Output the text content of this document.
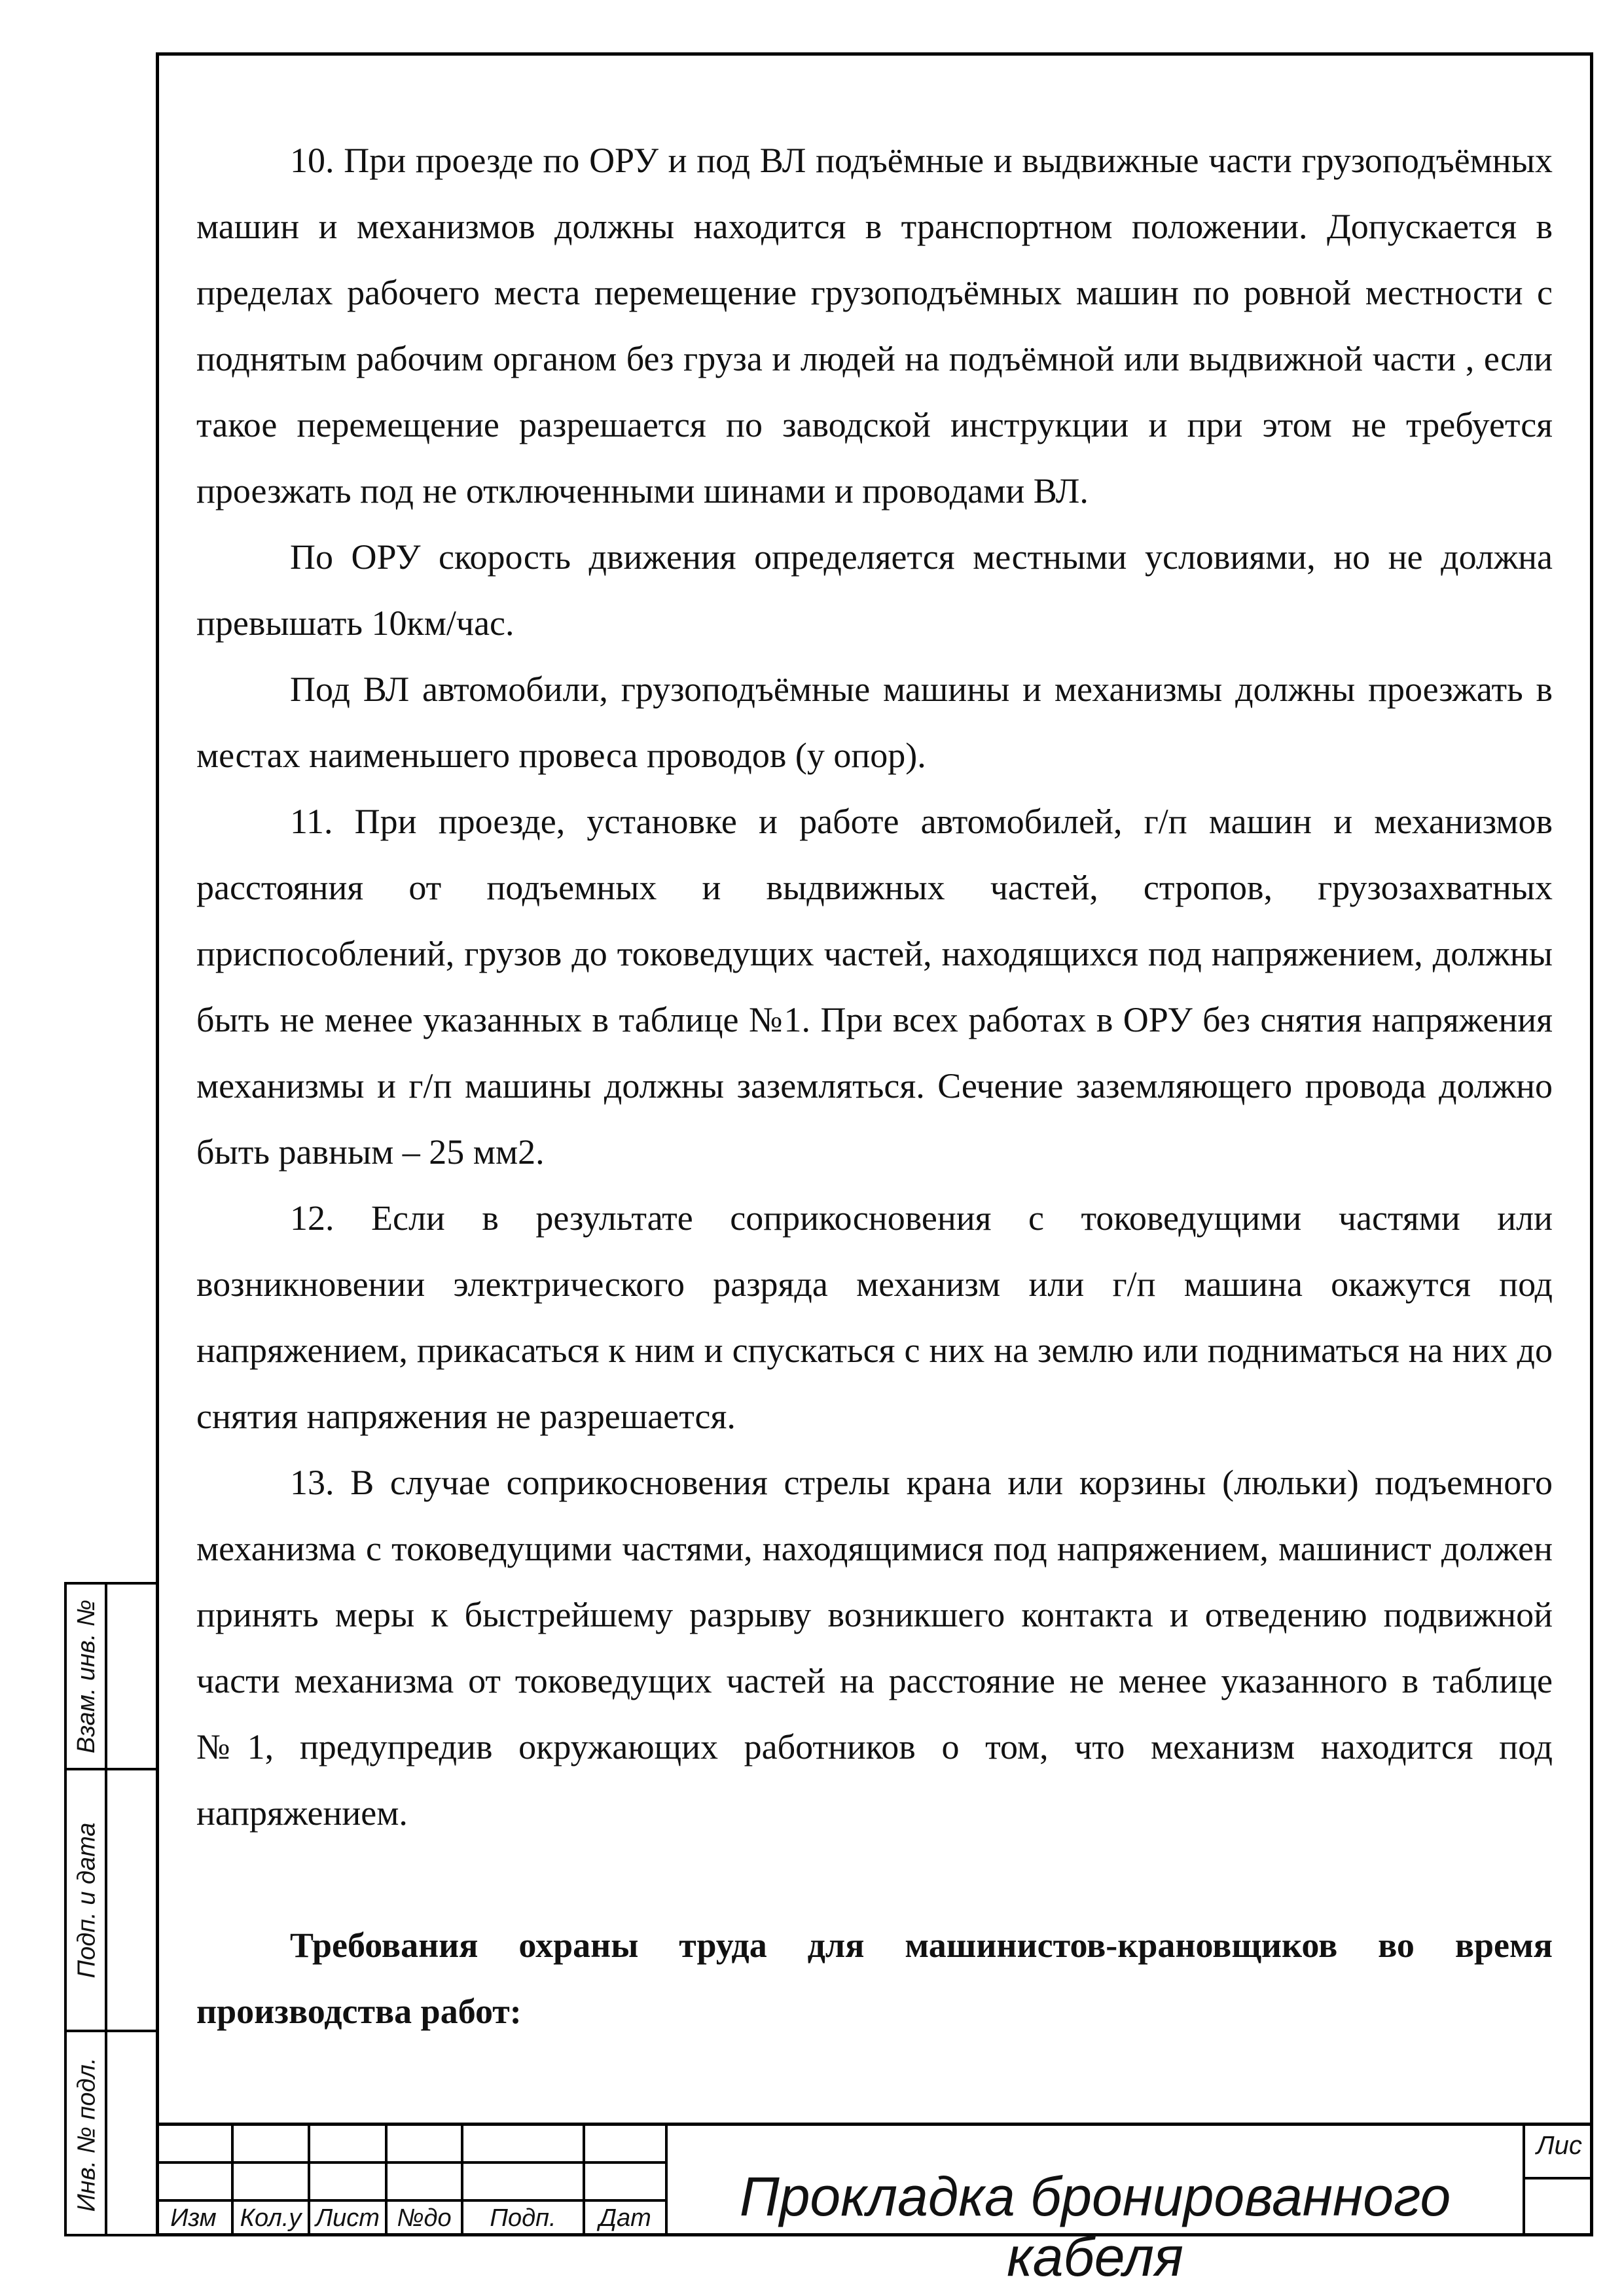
10. При проезде по ОРУ и под ВЛ подъёмные и выдвижные части грузоподъёмных машин и механизмов должны находится в транспортном положении. Допускается в пределах рабочего места перемещение грузоподъёмных машин по ровной местности с поднятым рабочим органом без груза и людей на подъёмной или выдвижной части , если такое перемещение разрешается по заводской инструкции и при этом не требуется проезжать под не отключенными шинами и проводами ВЛ.

По ОРУ скорость движения определяется местными условиями, но не должна превышать 10км/час.

Под ВЛ автомобили, грузоподъёмные машины и механизмы должны проезжать в местах наименьшего провеса проводов (у опор).

11. При проезде, установке и работе автомобилей, г/п машин и механизмов расстояния от подъемных и выдвижных частей, стропов, грузозахватных приспособлений, грузов до токоведущих частей, находящихся под напряжением, должны быть не менее указанных в таблице №1. При всех работах в ОРУ без снятия напряжения механизмы и г/п машины должны заземляться. Сечение заземляющего провода должно быть равным – 25 мм2.

12. Если в результате соприкосновения с токоведущими частями или возникновении электрического разряда механизм или г/п машина окажутся под напряжением, прикасаться к ним и спускаться с них на землю или подниматься на них до снятия напряжения не разрешается.

13. В случае соприкосновения стрелы крана или корзины (люльки) подъемного механизма с токоведущими частями, находящимися под напряжением, машинист должен принять меры к быстрейшему разрыву возникшего контакта и отведению подвижной части механизма от токоведущих частей на расстояние не менее указанного в таблице №1, предупредив окружающих работников о том, что механизм находится под напряжением.

Требования охраны труда для машинистов-крановщиков во время производства работ:

Взам. инв. №
Подп. и дата
Инв. № подл.
Изм Кол.у Лист №до	Подп.	Дат	Прокладка бронированного кабеля
Лис
